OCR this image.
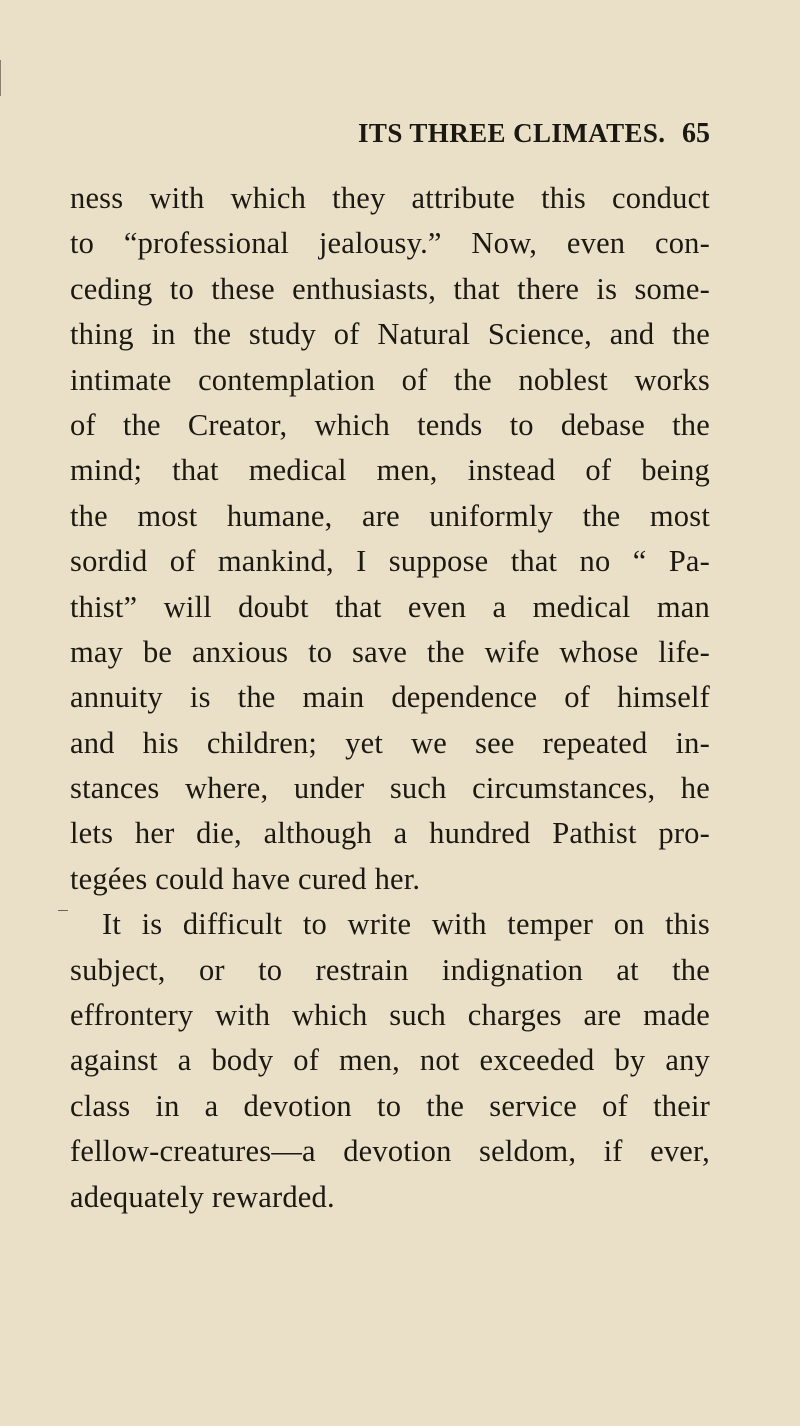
ITS THREE CLIMATES. 65
ness with which they attribute this conduct
to “professional jealousy.” Now, even con-
ceding to these enthusiasts, that there is some-
thing in the study of Natural Science, and the
intimate contemplation of the noblest works
of the Creator, which tends to debase the
mind; that medical men, instead of being
the most humane, are uniformly the most
sordid of mankind, I suppose that no “ Pa-
thist” will doubt that even a medical man
may be anxious to save the wife whose life-
annuity is the main dependence of himself
and his children; yet we see repeated in-
stances where, under such circumstances, he
lets her die, although a hundred Pathist pro-
tegées could have cured her.
It is difficult to write with temper on this
subject, or to restrain indignation at the
effrontery with which such charges are made
against a body of men, not exceeded by any
class in a devotion to the service of their
fellow-creatures—a devotion seldom, if ever,
adequately rewarded.
